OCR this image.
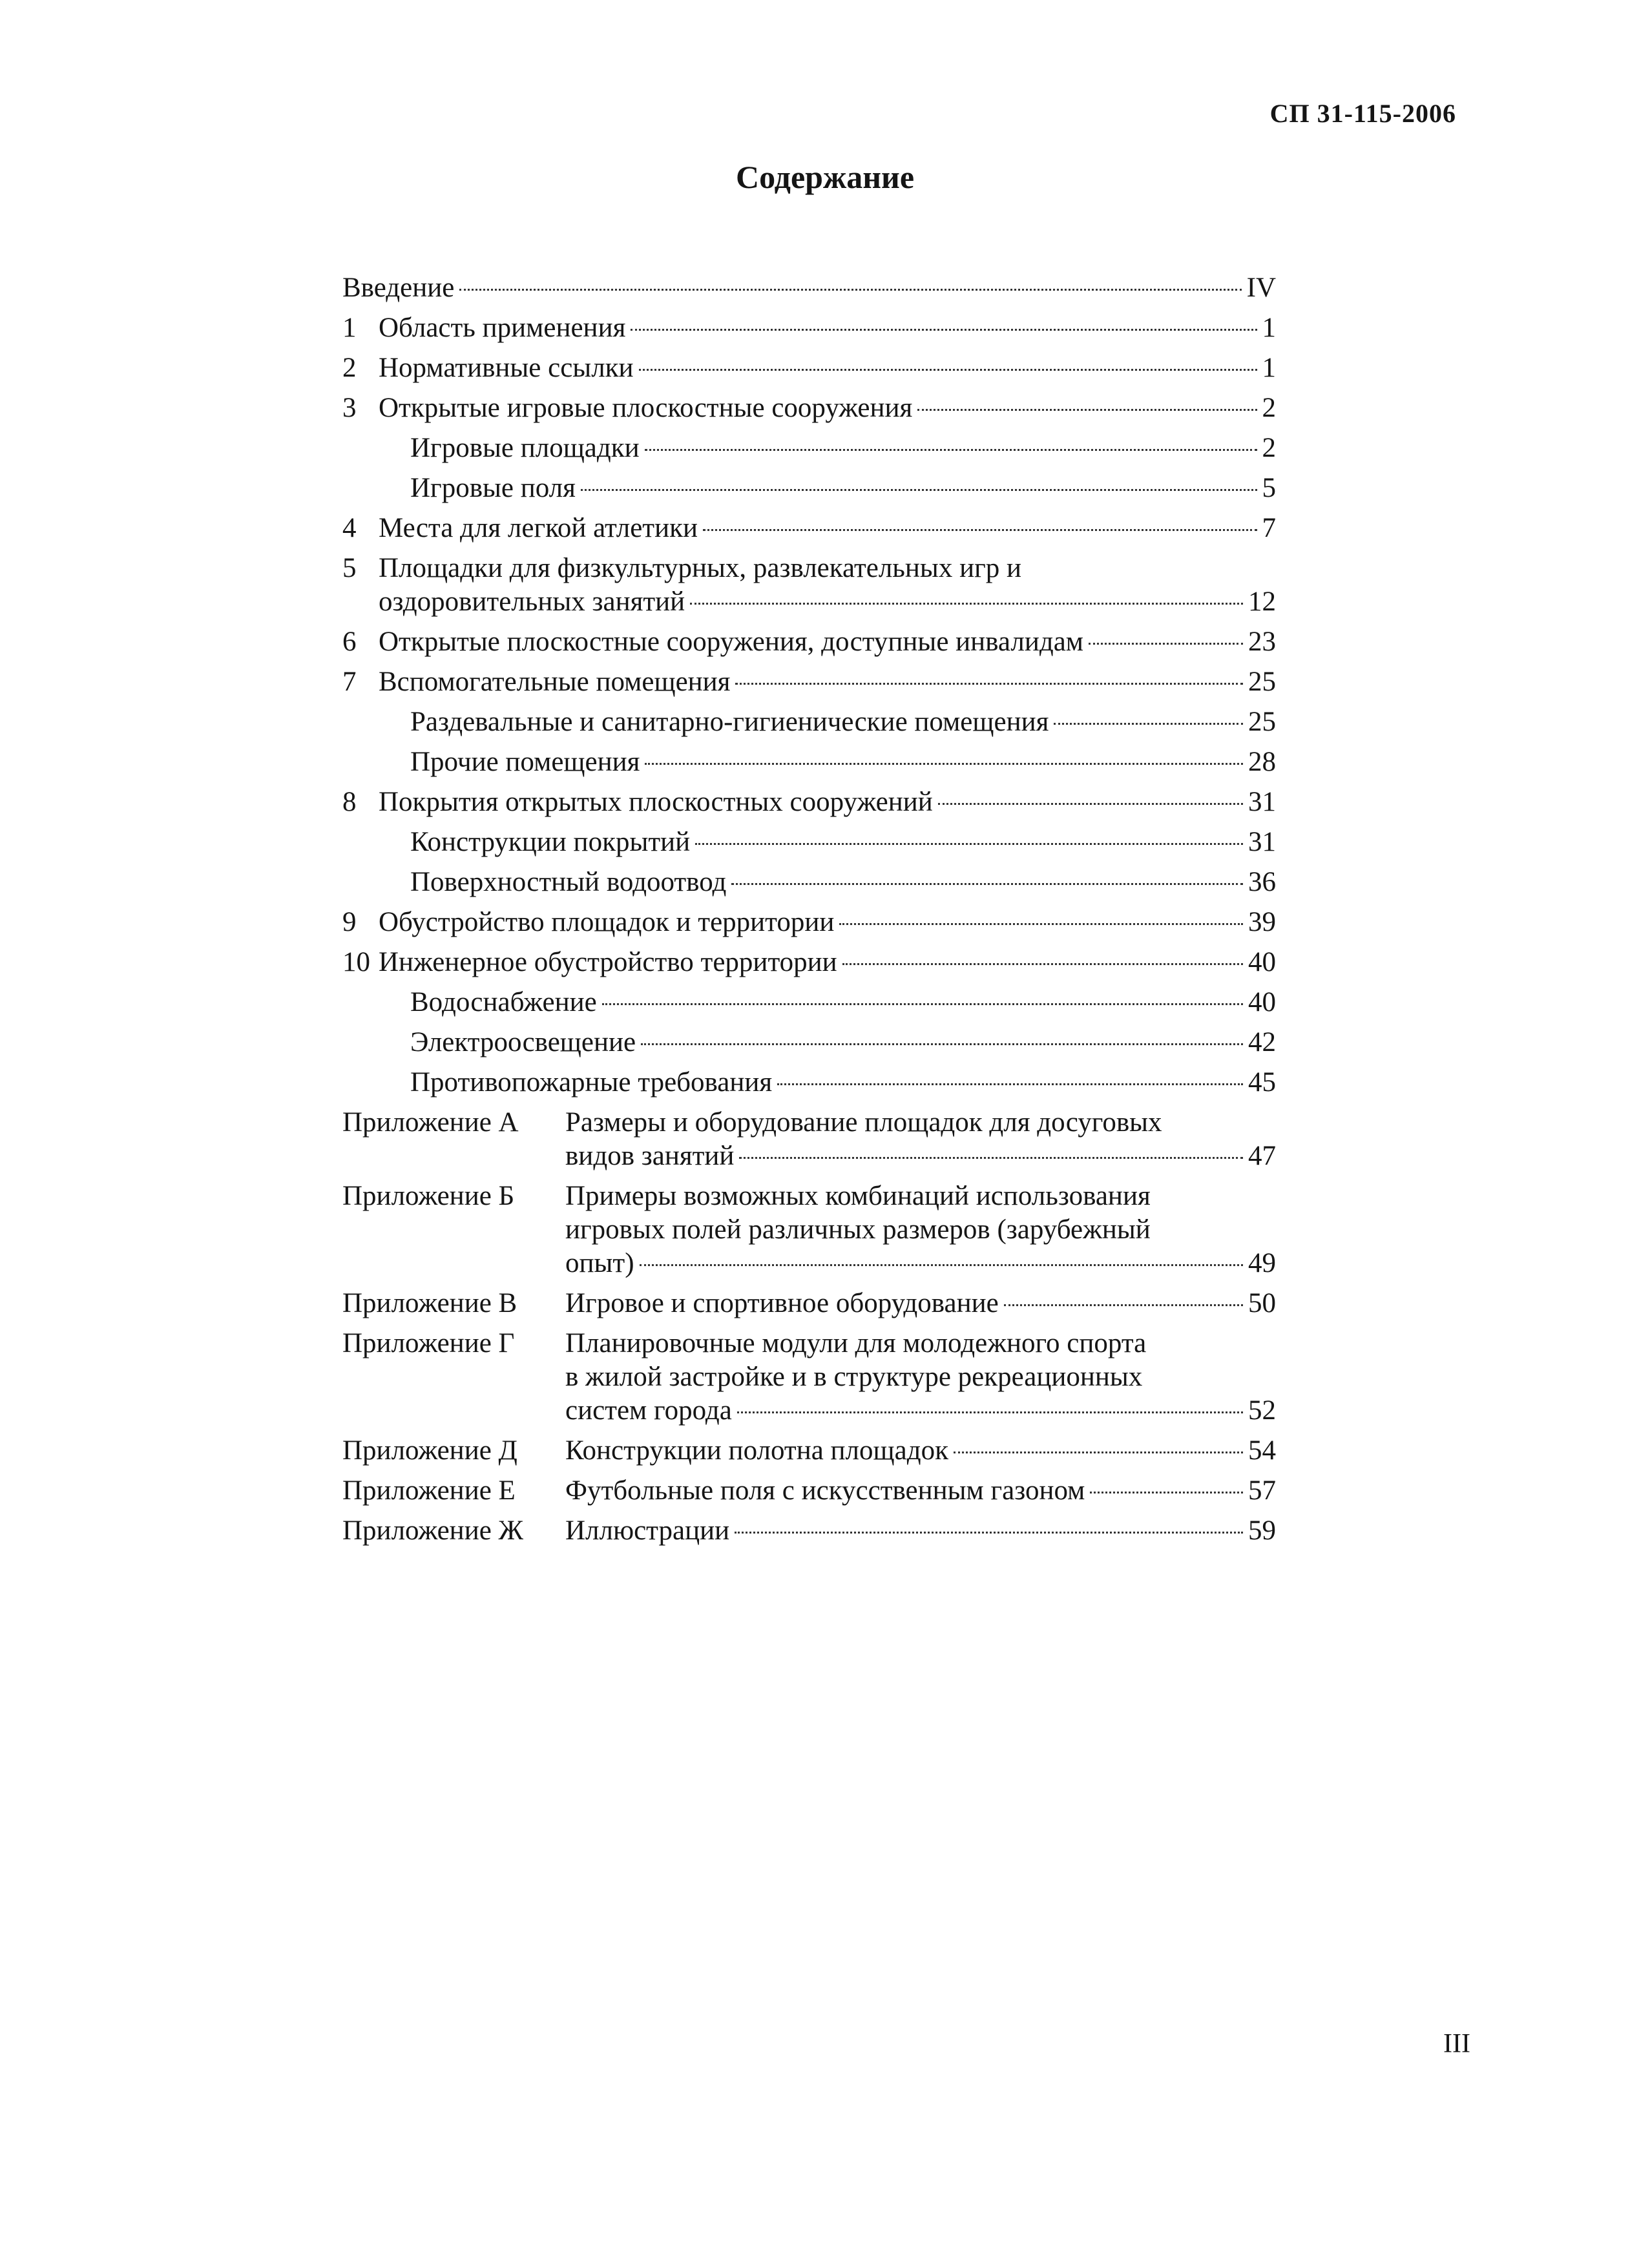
СП 31-115-2006
Содержание
Введение	IV
1 Область применения	1
2 Нормативные ссылки	1
3 Открытые игровые плоскостные сооружения	2
Игровые площадки	2
Игровые поля	5
4 Места для легкой атлетики	7
5 Площадки для физкультурных, развлекательных игр и
оздоровительных занятий	12
6 Открытые плоскостные сооружения, доступные инвалидам	23
7 Вспомогательные помещения	25
Раздевальные и санитарно-гигиенические помещения	25
Прочие помещения	28
8 Покрытия открытых плоскостных сооружений	31
Конструкции покрытий	31
Поверхностный водоотвод	36
9 Обустройство площадок и территории	39
10 Инженерное обустройство территории	40
Водоснабжение	40
Электроосвещение	42
Противопожарные требования	45
Приложение А Размеры и оборудование площадок для досуговых
видов занятий	47
Приложение Б Примеры возможных комбинаций использования
игровых полей различных размеров (зарубежный
опыт)	49
Приложение В Игровое и спортивное оборудование	50
Приложение Г Планировочные модули для молодежного спорта
в жилой застройке и в структуре рекреационных
систем города	52
Приложение Д Конструкции полотна площадок	54
Приложение Е Футбольные поля с искусственным газоном	57
Приложение Ж Иллюстрации	59
III
